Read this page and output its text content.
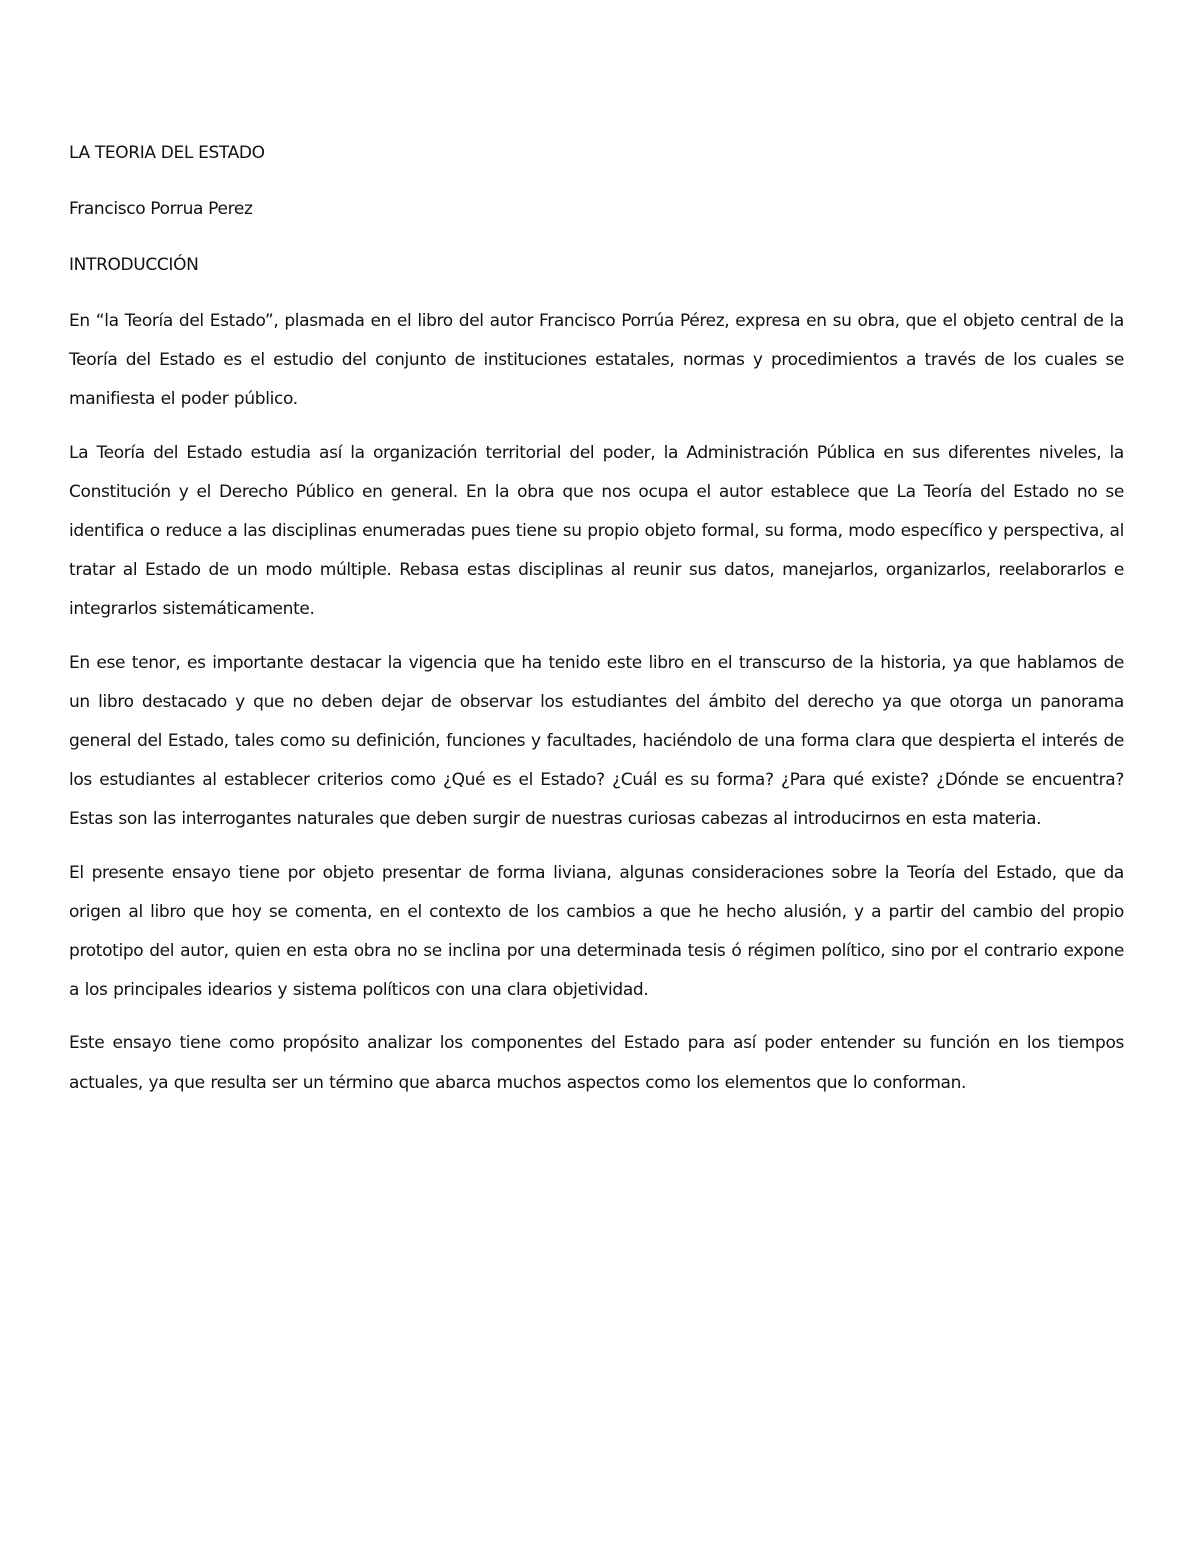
LA TEORIA DEL ESTADO

Francisco Porrua Perez

INTRODUCCIÓN

En “la Teoría del Estado”, plasmada en el libro del autor Francisco Porrúa Pérez, expresa en su obra, que el objeto central de la Teoría del Estado es el estudio del conjunto de instituciones estatales, normas y procedimientos a través de los cuales se manifiesta el poder público.

La Teoría del Estado estudia así la organización territorial del poder, la Administración Pública en sus diferentes niveles, la Constitución y el Derecho Público en general. En la obra que nos ocupa el autor establece que La Teoría del Estado no se identifica o reduce a las disciplinas enumeradas pues tiene su propio objeto formal, su forma, modo específico y perspectiva, al tratar al Estado de un modo múltiple. Rebasa estas disciplinas al reunir sus datos, manejarlos, organizarlos, reelaborarlos e integrarlos sistemáticamente.

En ese tenor, es importante destacar la vigencia que ha tenido este libro en el transcurso de la historia, ya que hablamos de un libro destacado y que no deben dejar de observar los estudiantes del ámbito del derecho ya que otorga un panorama general del Estado, tales como su definición, funciones y facultades, haciéndolo de una forma clara que despierta el interés de los estudiantes al establecer criterios como ¿Qué es el Estado? ¿Cuál es su forma? ¿Para qué existe? ¿Dónde se encuentra? Estas son las interrogantes naturales que deben surgir de nuestras curiosas cabezas al introducirnos en esta materia.

El presente ensayo tiene por objeto presentar de forma liviana, algunas consideraciones sobre la Teoría del Estado, que da origen al libro que hoy se comenta, en el contexto de los cambios a que he hecho alusión, y a partir del cambio del propio prototipo del autor, quien en esta obra no se inclina por una determinada tesis ó régimen político, sino por el contrario expone a los principales idearios y sistema políticos con una clara objetividad.

Este ensayo tiene como propósito analizar los componentes del Estado para así poder entender su función en los tiempos actuales, ya que resulta ser un término que abarca muchos aspectos como los elementos que lo conforman.
